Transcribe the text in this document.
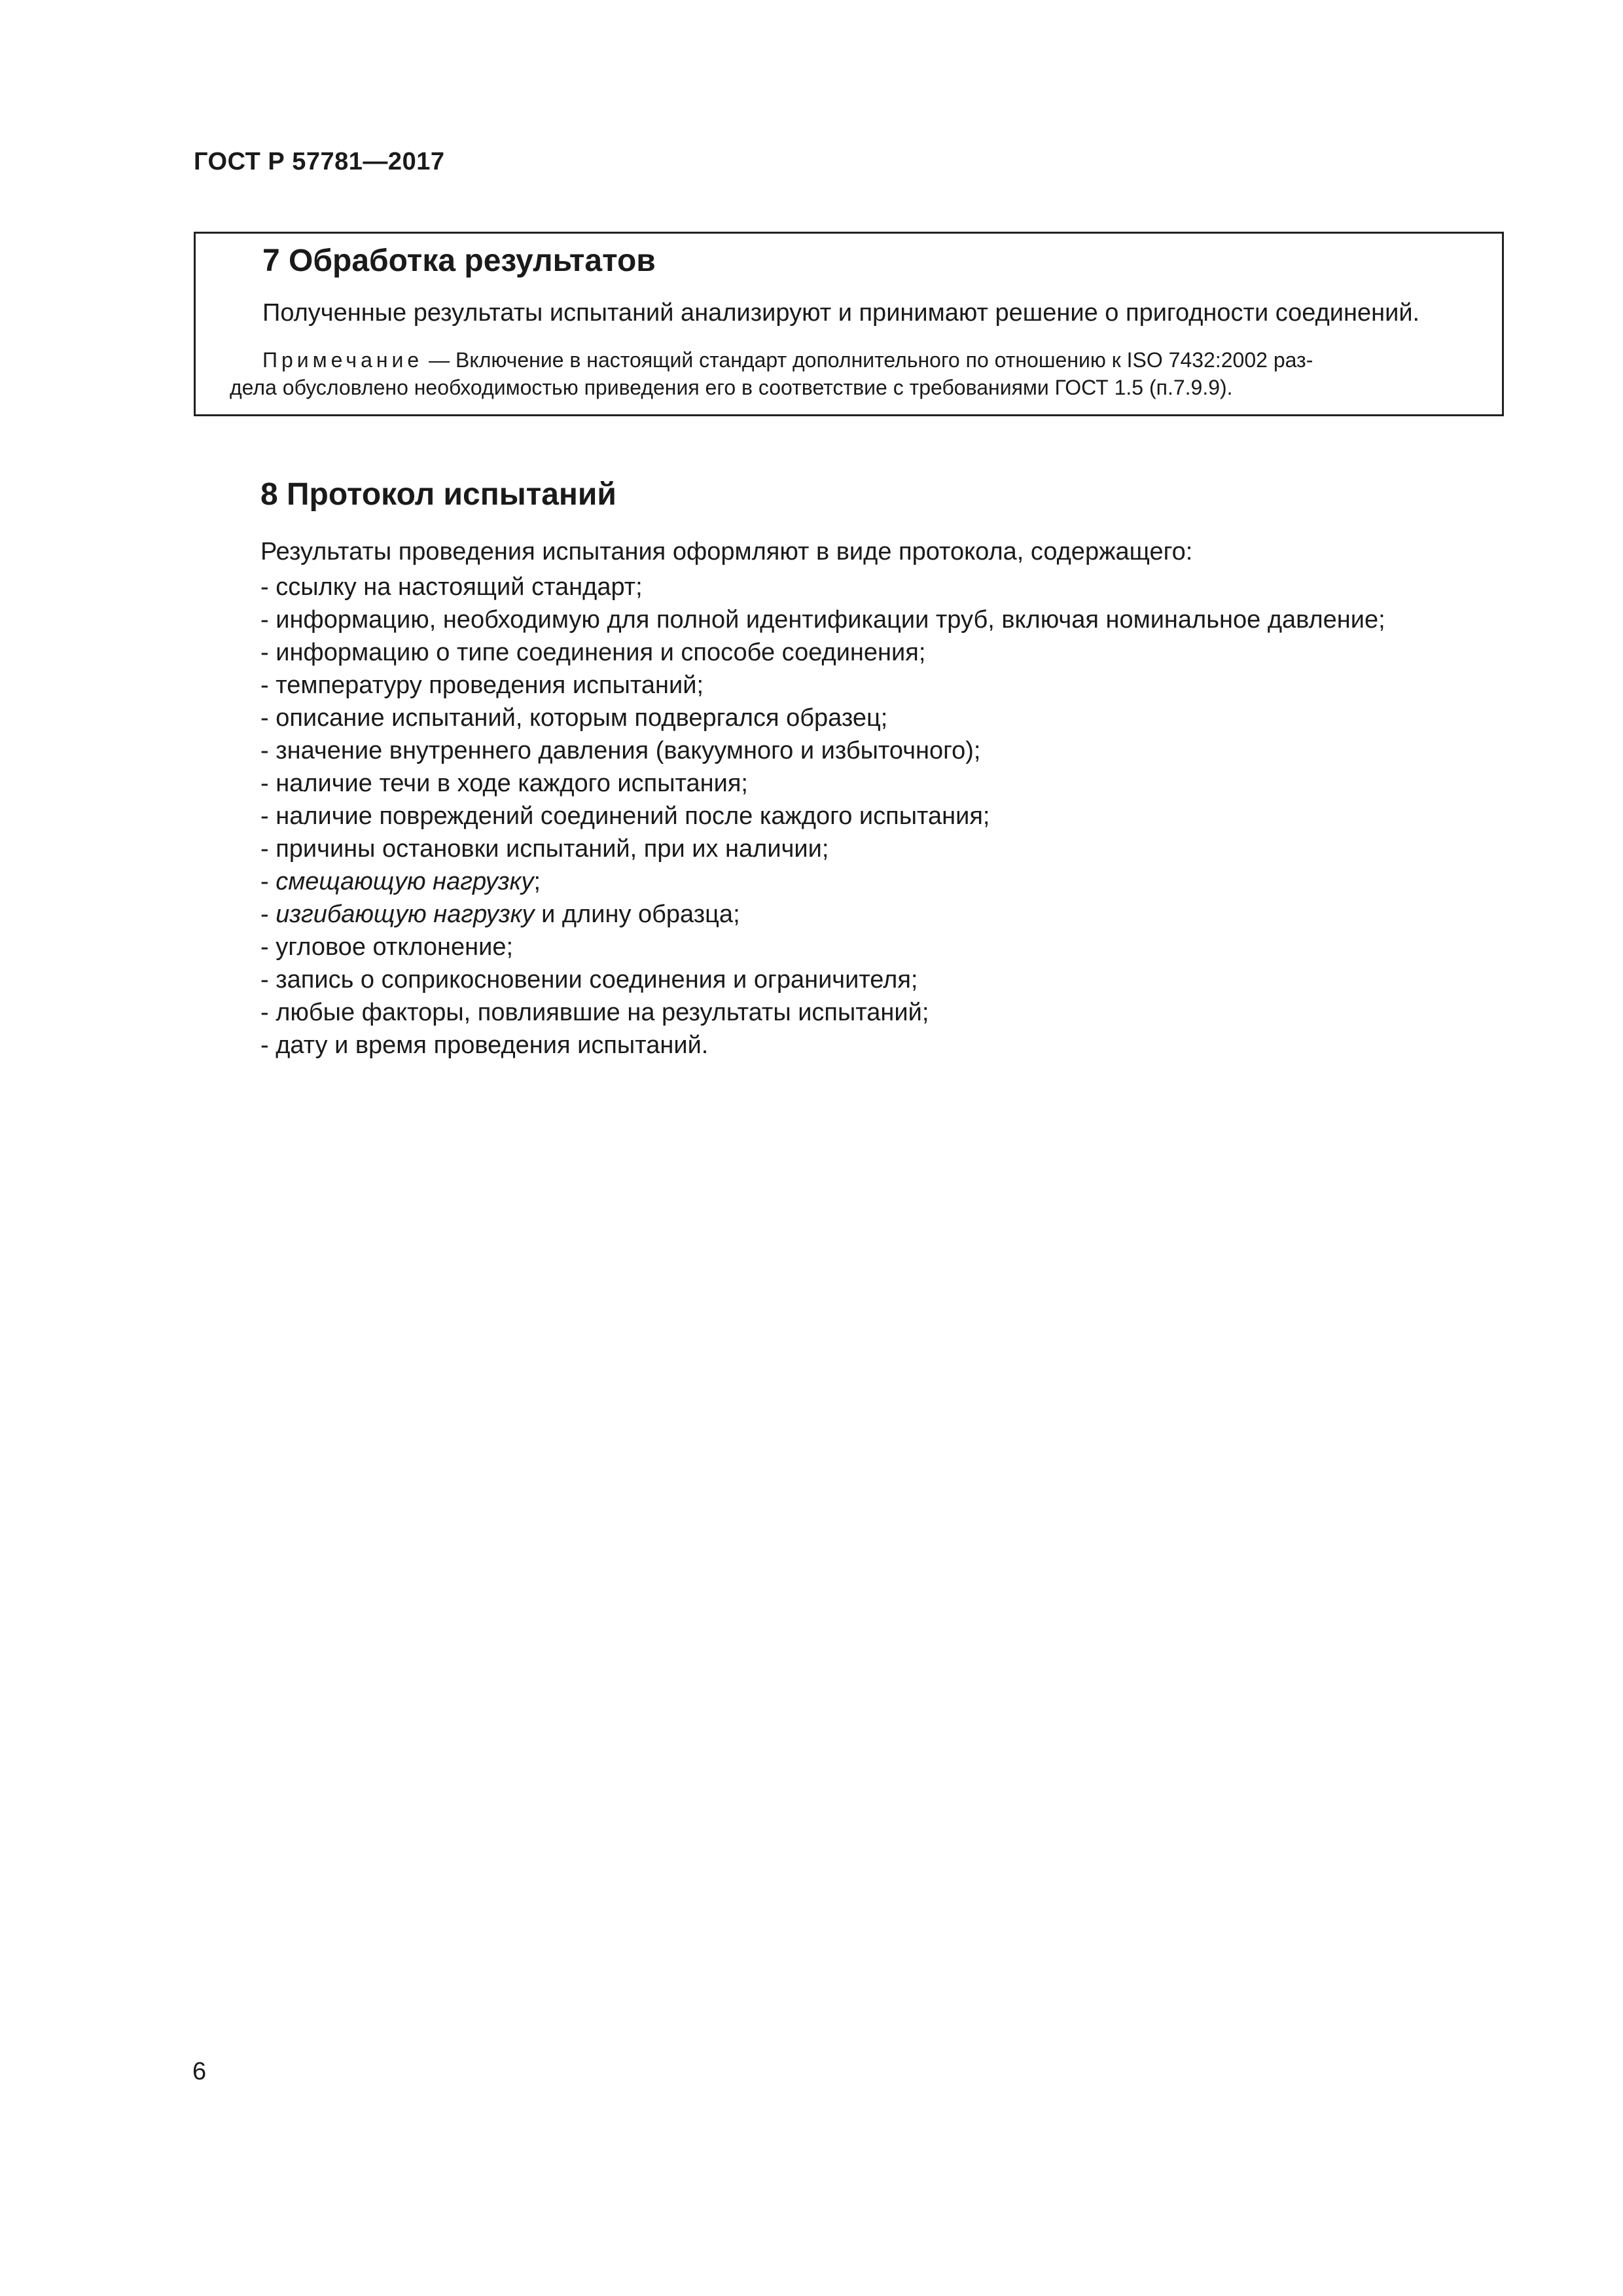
ГОСТ Р 57781—2017
7 Обработка результатов
Полученные результаты испытаний анализируют и принимают решение о пригодности соединений.
Примечание — Включение в настоящий стандарт дополнительного по отношению к ISO 7432:2002 раз-
дела обусловлено необходимостью приведения его в соответствие с требованиями ГОСТ 1.5 (п.7.9.9).
8 Протокол испытаний
Результаты проведения испытания оформляют в виде протокола, содержащего:
- ссылку на настоящий стандарт;
- информацию, необходимую для полной идентификации труб, включая номинальное давление;
- информацию о типе соединения и способе соединения;
- температуру проведения испытаний;
- описание испытаний, которым подвергался образец;
- значение внутреннего давления (вакуумного и избыточного);
- наличие течи в ходе каждого испытания;
- наличие повреждений соединений после каждого испытания;
- причины остановки испытаний, при их наличии;
- смещающую нагрузку;
- изгибающую нагрузку и длину образца;
- угловое отклонение;
- запись о соприкосновении соединения и ограничителя;
- любые факторы, повлиявшие на результаты испытаний;
- дату и время проведения испытаний.
6
